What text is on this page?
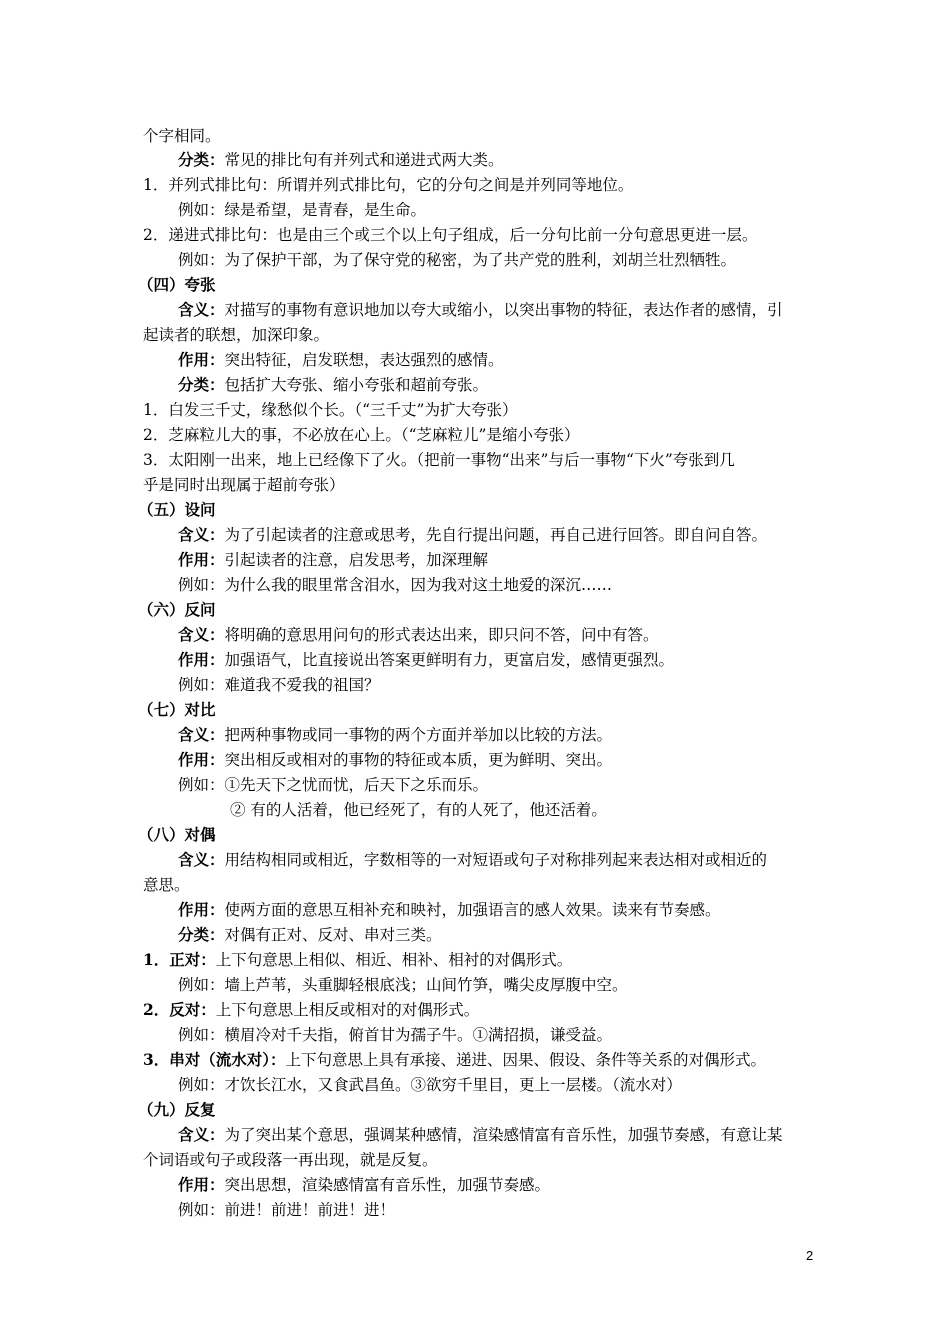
个字相同。
分类：常见的排比句有并列式和递进式两大类。
1．并列式排比句：所谓并列式排比句，它的分句之间是并列同等地位。
例如：绿是希望，是青春，是生命。
2．递进式排比句：也是由三个或三个以上句子组成，后一分句比前一分句意思更进一层。
例如：为了保护干部，为了保守党的秘密，为了共产党的胜利，刘胡兰壮烈牺牲。
（四）夸张
含义：对描写的事物有意识地加以夸大或缩小，以突出事物的特征，表达作者的感情，引
起读者的联想，加深印象。
作用：突出特征，启发联想，表达强烈的感情。
分类：包括扩大夸张、缩小夸张和超前夸张。
1．白发三千丈，缘愁似个长。（“三千丈”为扩大夸张）
2．芝麻粒儿大的事，不必放在心上。（“芝麻粒儿”是缩小夸张）
3．太阳刚一出来，地上已经像下了火。（把前一事物“出来”与后一事物“下火”夸张到几
乎是同时出现属于超前夸张）
（五）设问
含义：为了引起读者的注意或思考，先自行提出问题，再自己进行回答。即自问自答。
作用：引起读者的注意，启发思考，加深理解
例如：为什么我的眼里常含泪水，因为我对这土地爱的深沉……
（六）反问
含义：将明确的意思用问句的形式表达出来，即只问不答，问中有答。
作用：加强语气，比直接说出答案更鲜明有力，更富启发，感情更强烈。
例如：难道我不爱我的祖国？
（七）对比
含义：把两种事物或同一事物的两个方面并举加以比较的方法。
作用：突出相反或相对的事物的特征或本质，更为鲜明、突出。
例如：①先天下之忧而忧，后天下之乐而乐。
② 有的人活着，他已经死了，有的人死了，他还活着。
（八）对偶
含义：用结构相同或相近，字数相等的一对短语或句子对称排列起来表达相对或相近的
意思。
作用：使两方面的意思互相补充和映衬，加强语言的感人效果。读来有节奏感。
分类：对偶有正对、反对、串对三类。
1．正对：上下句意思上相似、相近、相补、相衬的对偶形式。
例如：墙上芦苇，头重脚轻根底浅；山间竹笋，嘴尖皮厚腹中空。
2．反对：上下句意思上相反或相对的对偶形式。
例如：横眉冷对千夫指，俯首甘为孺子牛。①满招损，谦受益。
3．串对（流水对）：上下句意思上具有承接、递进、因果、假设、条件等关系的对偶形式。
例如：才饮长江水，又食武昌鱼。③欲穷千里目，更上一层楼。（流水对）
（九）反复
含义：为了突出某个意思，强调某种感情，渲染感情富有音乐性，加强节奏感，有意让某
个词语或句子或段落一再出现，就是反复。
作用：突出思想，渲染感情富有音乐性，加强节奏感。
例如：前进！前进！前进！进！
2
